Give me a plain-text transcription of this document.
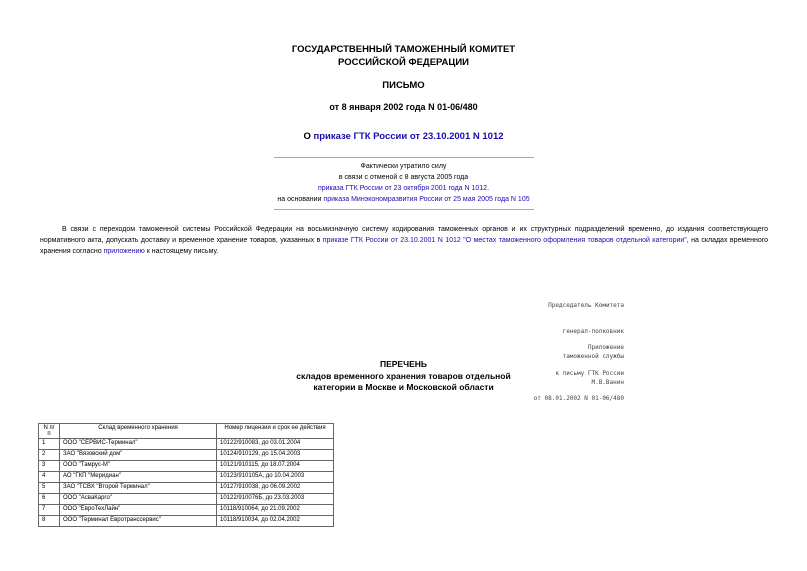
ГОСУДАРСТВЕННЫЙ ТАМОЖЕННЫЙ КОМИТЕТ
РОССИЙСКОЙ ФЕДЕРАЦИИ
ПИСЬМО
от 8 января 2002 года N 01-06/480
О приказе ГТК России от 23.10.2001 N 1012
Фактически утратило силу
в связи с отменой с 8 августа 2005 года
приказа ГТК России от 23 октября 2001 года N 1012.
на основании приказа Минэкономразвития России от 25 мая 2005 года N 105
В связи с переходом таможенной системы Российской Федерации на восьмизначную систему кодирования таможенных органов и их структурных подразделений временно, до издания соответствующего нормативного акта, допускать доставку и временное хранение товаров, указанных в приказе ГТК России от 23.10.2001 N 1012 "О местах таможенного оформления товаров отдельной категории", на складах временного хранения согласно приложению к настоящему письму.

Председатель Комитета

генерал-полковник

таможенной службы

М.В.Ванин

Приложение

к письму ГТК России

от 08.01.2002 N 01-06/480

ПЕРЕЧЕНЬ
складов временного хранения товаров отдельной
категории в Москве и Московской области
N п/п	Склад временного хранения	Номер лицензии и срок ее действия
1	ООО "СЕРВИС-Терминал"	10122/910083, до 03.01.2004
2	ЗАО "Вязовский дом"	10124/910129, до 15.04.2003
3	ООО "Тамрус-М"	10121/910115, до 18.07.2004
4	АО "ГКП "Меридиан"	10123/910105А, до 10.04.2003
5	ЗАО "ТСВХ "Второй Терминал"	10127/910038, до 06.09.2002
6	ООО "АсваКарго"	10122/910076Б, до 23.03.2003
7	ООО "ЕвроТехЛайн"	10118/910064, до 21.09.2002
8	ООО "Терминал Евротрансcервис"	10118/910034, до 02.04.2002
